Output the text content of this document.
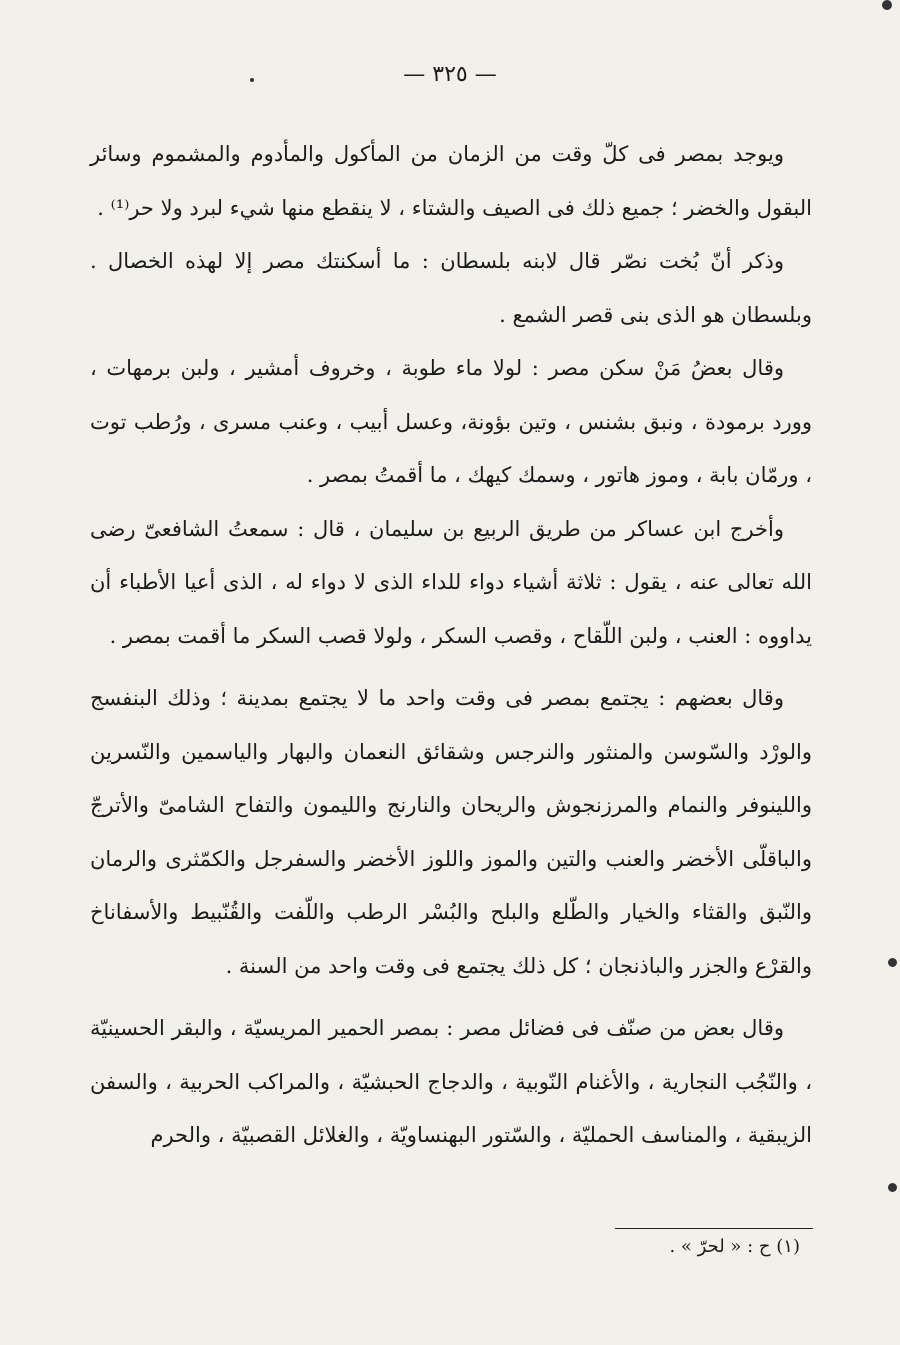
— ٣٢٥ —

ويوجد بمصر فى كلّ وقت من الزمان من المأكول والمأدوم والمشموم وسائر البقول والخضر ؛ جميع ذلك فى الصيف والشتاء ، لا ينقطع منها شيء لبرد ولا حر⁽¹⁾ .

وذكر أنّ بُخت نصّر قال لابنه بلسطان : ما أسكنتك مصر إلا لهذه الخصال . وبلسطان هو الذى بنى قصر الشمع .

وقال بعضُ مَنْ سكن مصر : لولا ماء طوبة ، وخروف أمشير ، ولبن برمهات ، وورد برمودة ، ونبق بشنس ، وتين بؤونة، وعسل أبيب ، وعنب مسرى ، ورُطب توت ، ورمّان بابة ، وموز هاتور ، وسمك كيهك ، ما أقمتُ بمصر .

وأخرج ابن عساكر من طريق الربيع بن سليمان ، قال : سمعتُ الشافعىّ رضى الله تعالى عنه ، يقول : ثلاثة أشياء دواء للداء الذى لا دواء له ، الذى أعيا الأطباء أن يداووه : العنب ، ولبن اللّقاح ، وقصب السكر ، ولولا قصب السكر ما أقمت بمصر .

وقال بعضهم : يجتمع بمصر فى وقت واحد ما لا يجتمع بمدينة ؛ وذلك البنفسج والورْد والسّوسن والمنثور والنرجس وشقائق النعمان والبهار والياسمين والنّسرين واللينوفر والنمام والمرزنجوش والريحان والنارنج والليمون والتفاح الشامىّ والأترجّ والباقلّى الأخضر والعنب والتين والموز واللوز الأخضر والسفرجل والكمّثرى والرمان والنّبق والقثاء والخيار والطّلع والبلح والبُسْر الرطب واللّفت والقُنّبيط والأسفاناخ والقرْع والجزر والباذنجان ؛ كل ذلك يجتمع فى وقت واحد من السنة .

وقال بعض من صنّف فى فضائل مصر : بمصر الحمير المريسيّة ، والبقر الحسينيّة ، والنّجُب النجارية ، والأغنام النّوبية ، والدجاج الحبشيّة ، والمراكب الحربية ، والسفن الزيبقية ، والمناسف الحمليّة ، والسّتور البهنساويّة ، والغلائل القصبيّة ، والحرم

(١) ح : « لحرّ » .
